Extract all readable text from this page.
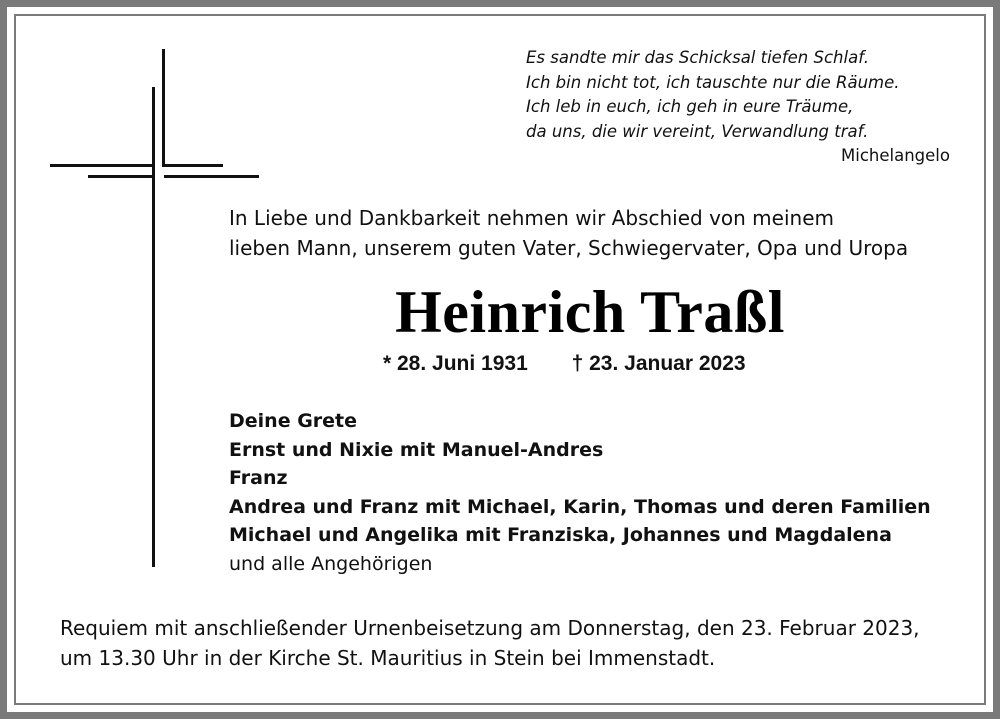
Es sandte mir das Schicksal tiefen Schlaf.
Ich bin nicht tot, ich tauschte nur die Räume.
Ich leb in euch, ich geh in eure Träume,
da uns, die wir vereint, Verwandlung traf.
Michelangelo
In Liebe und Dankbarkeit nehmen wir Abschied von meinem
lieben Mann, unserem guten Vater, Schwiegervater, Opa und Uropa
Heinrich Traßl
* 28. Juni 1931 † 23. Januar 2023
Deine Grete
Ernst und Nixie mit Manuel-Andres
Franz
Andrea und Franz mit Michael, Karin, Thomas und deren Familien
Michael und Angelika mit Franziska, Johannes und Magdalena
und alle Angehörigen
Requiem mit anschließender Urnenbeisetzung am Donnerstag, den 23. Februar 2023,
um 13.30 Uhr in der Kirche St. Mauritius in Stein bei Immenstadt.
